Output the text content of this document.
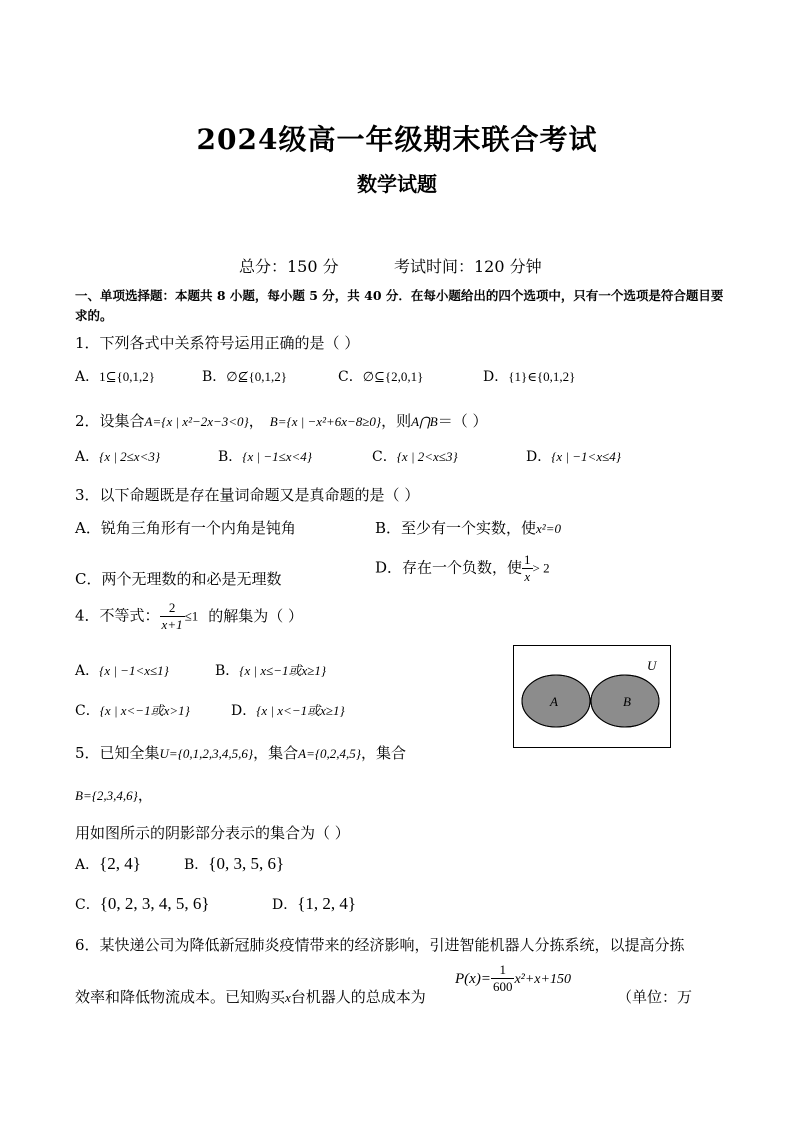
2024级高一年级期末联合考试
数学试题
总分：150 分	考试时间：120 分钟
一、单项选择题：本题共 8 小题，每小题 5 分，共 40 分．在每小题给出的四个选项中，只有一个选项是符合题目要求的。
1．下列各式中关系符号运用正确的是（ ）
A．1⊆{0,1,2}	B．∅⊈{0,1,2}	C．∅⊆{2,0,1}	D．{1}∈{0,1,2}
2．设集合A={x | x²−2x−3<0}， B={x | −x²+6x−8≥0}，则A⋂B＝（ ）
A．{x | 2≤x<3}	B．{x | −1≤x<4}	C．{x | 2<x≤3}	D．{x | −1<x≤4}
3．以下命题既是存在量词命题又是真命题的是（ ）
A．锐角三角形有一个内角是钝角	B．至少有一个实数，使x²=0
C．两个无理数的和必是无理数
D．存在一个负数，使 $\frac{1}{x} > 2$
4．不等式： $\frac{2}{x+1} \le 1$ 的解集为（ ）
A．{x | −1<x≤1}	B．{x | x≤−1或x≥1}
C．{x | x<−1或x>1}	D．{x | x<−1或x≥1}
U
A	B
5．已知全集U={0,1,2,3,4,5,6}，集合A={0,2,4,5}，集合
B={2,3,4,6}，
用如图所示的阴影部分表示的集合为（ ）
A．{2, 4}	B．{0, 3, 5, 6}
C．{0, 2, 3, 4, 5, 6}	D．{1, 2, 4}
6．某快递公司为降低新冠肺炎疫情带来的经济影响，引进智能机器人分拣系统，以提高分拣
效率和降低物流成本。已知购买x台机器人的总成本为
$P(x)= \frac{1}{600} x^2+x+150$
（单位：万
